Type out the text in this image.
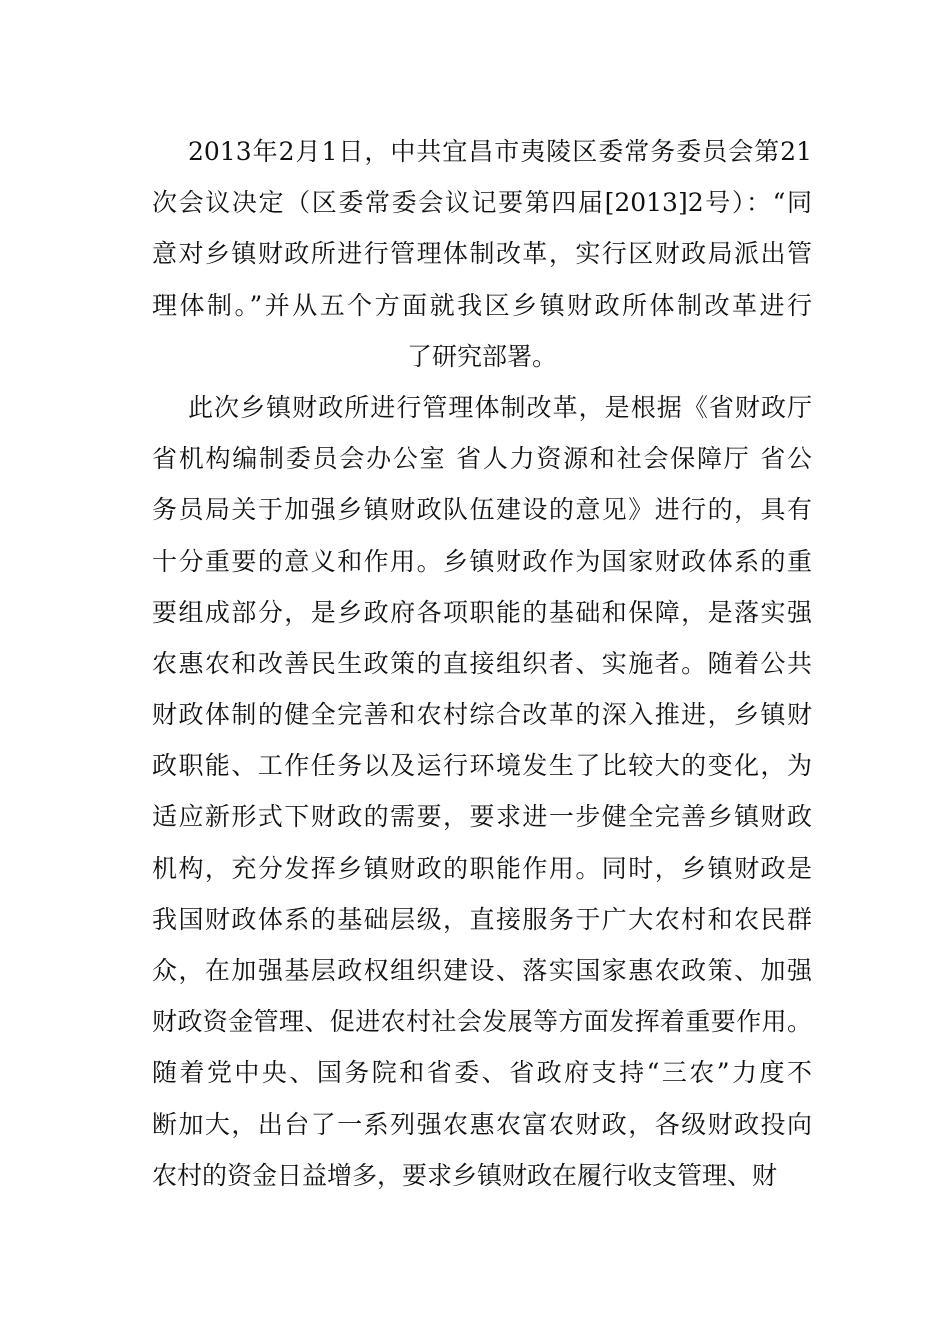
2013年2月1日，中共宜昌市夷陵区委常务委员会第21
次会议决定（区委常委会议记要第四届[2013]2号）：“同
意对乡镇财政所进行管理体制改革，实行区财政局派出管
理体制。”并从五个方面就我区乡镇财政所体制改革进行
了研究部署。
此次乡镇财政所进行管理体制改革，是根据《省财政厅
省机构编制委员会办公室 省人力资源和社会保障厅 省公
务员局关于加强乡镇财政队伍建设的意见》进行的，具有
十分重要的意义和作用。乡镇财政作为国家财政体系的重
要组成部分，是乡政府各项职能的基础和保障，是落实强
农惠农和改善民生政策的直接组织者、实施者。随着公共
财政体制的健全完善和农村综合改革的深入推进，乡镇财
政职能、工作任务以及运行环境发生了比较大的变化，为
适应新形式下财政的需要，要求进一步健全完善乡镇财政
机构，充分发挥乡镇财政的职能作用。同时，乡镇财政是
我国财政体系的基础层级，直接服务于广大农村和农民群
众，在加强基层政权组织建设、落实国家惠农政策、加强
财政资金管理、促进农村社会发展等方面发挥着重要作用。
随着党中央、国务院和省委、省政府支持“三农”力度不
断加大，出台了一系列强农惠农富农财政，各级财政投向
农村的资金日益增多，要求乡镇财政在履行收支管理、财
